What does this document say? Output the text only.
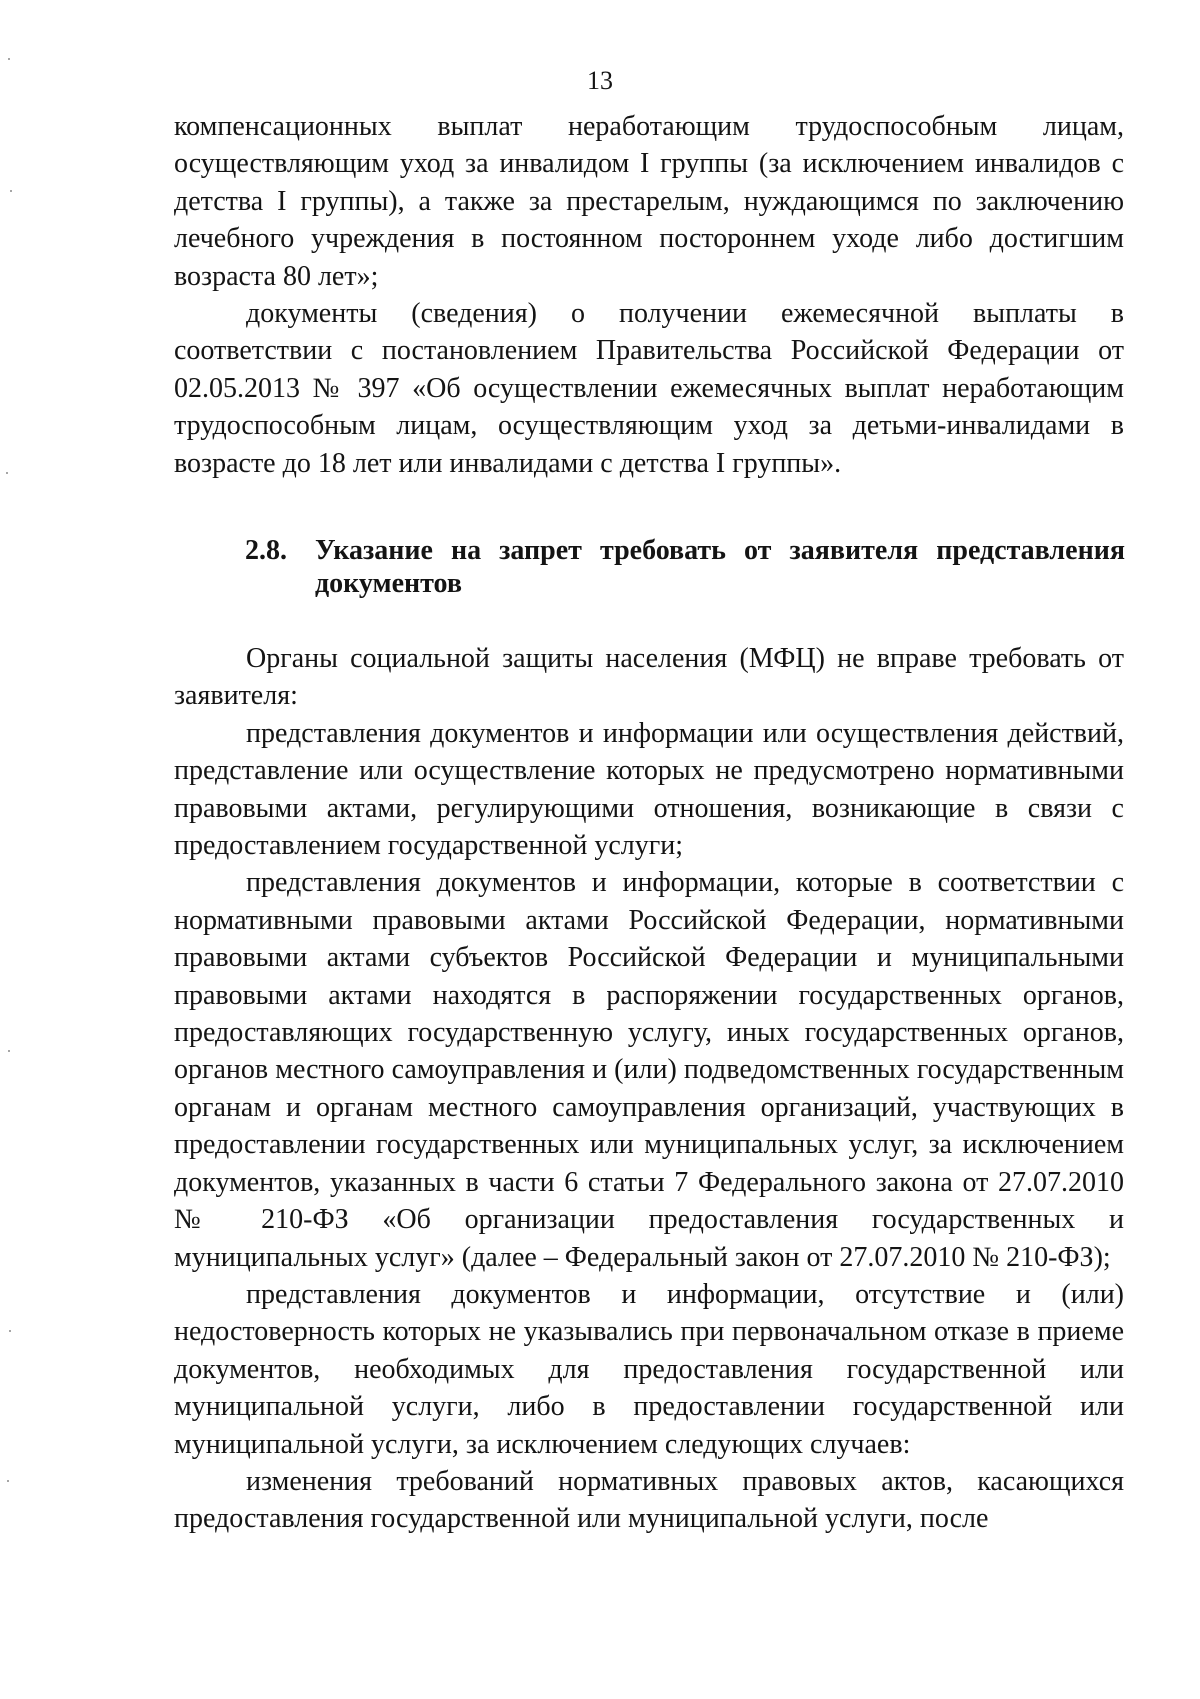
13

компенсационных выплат неработающим трудоспособным лицам, осуществляющим уход за инвалидом I группы (за исключением инвалидов с детства I группы), а также за престарелым, нуждающимся по заключению лечебного учреждения в постоянном постороннем уходе либо достигшим возраста 80 лет»;

документы (сведения) о получении ежемесячной выплаты в соответствии с постановлением Правительства Российской Федерации от 02.05.2013 № 397 «Об осуществлении ежемесячных выплат неработающим трудоспособным лицам, осуществляющим уход за детьми-инвалидами в возрасте до 18 лет или инвалидами с детства I группы».

2.8.	Указание на запрет требовать от заявителя представления документов

Органы социальной защиты населения (МФЦ) не вправе требовать от заявителя:

представления документов и информации или осуществления действий, представление или осуществление которых не предусмотрено нормативными правовыми актами, регулирующими отношения, возникающие в связи с предоставлением государственной услуги;

представления документов и информации, которые в соответствии с нормативными правовыми актами Российской Федерации, нормативными правовыми актами субъектов Российской Федерации и муниципальными правовыми актами находятся в распоряжении государственных органов, предоставляющих государственную услугу, иных государственных органов, органов местного самоуправления и (или) подведомственных государственным органам и органам местного самоуправления организаций, участвующих в предоставлении государственных или муниципальных услуг, за исключением документов, указанных в части 6 статьи 7 Федерального закона от 27.07.2010 № 210-ФЗ «Об организации предоставления государственных и муниципальных услуг» (далее – Федеральный закон от 27.07.2010 № 210-ФЗ);

представления документов и информации, отсутствие и (или) недостоверность которых не указывались при первоначальном отказе в приеме документов, необходимых для предоставления государственной или муниципальной услуги, либо в предоставлении государственной или муниципальной услуги, за исключением следующих случаев:

изменения требований нормативных правовых актов, касающихся предоставления государственной или муниципальной услуги, после
